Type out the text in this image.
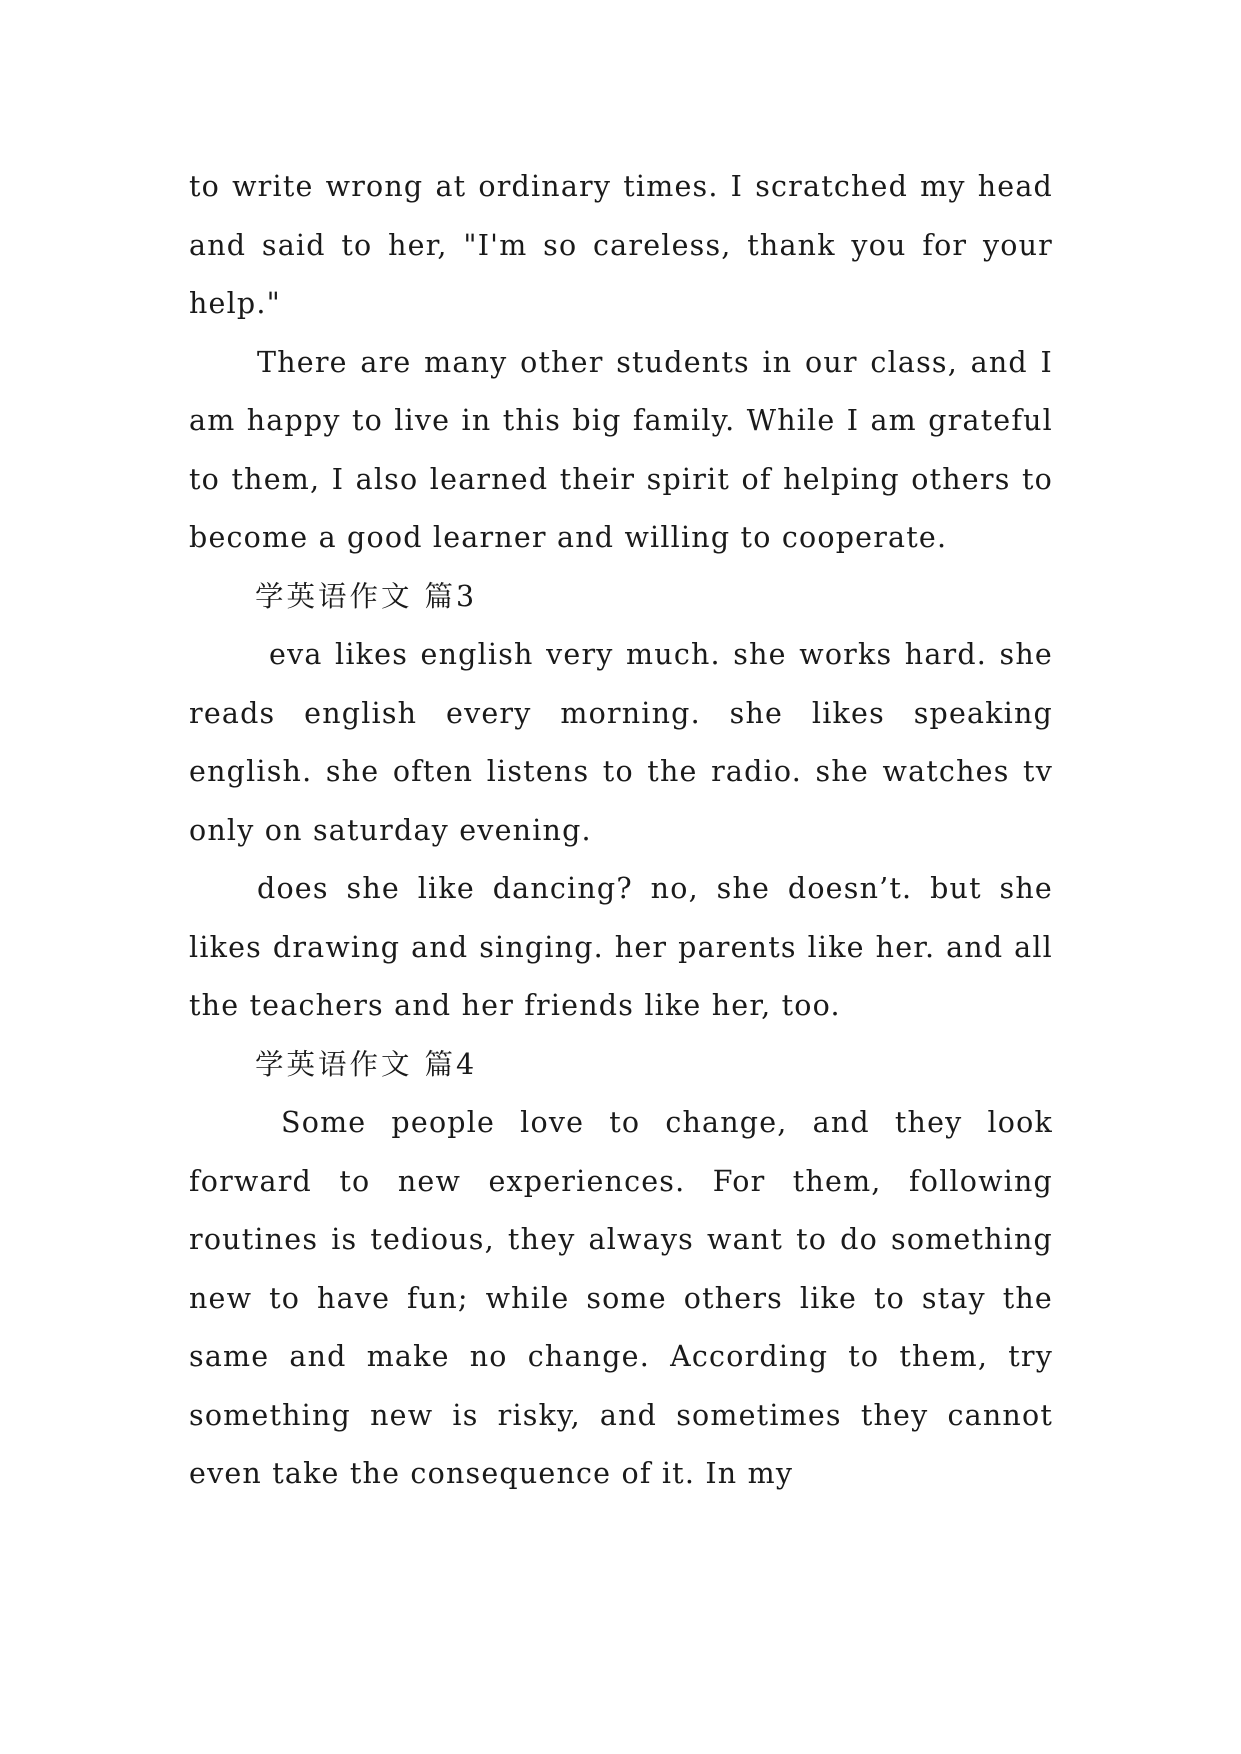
to write wrong at ordinary times. I scratched my head and said to her, "I'm so careless, thank you for your help."

There are many other students in our class, and I am happy to live in this big family. While I am grateful to them, I also learned their spirit of helping others to become a good learner and willing to cooperate.

学英语作文 篇3

eva likes english very much. she works hard. she reads english every morning. she likes speaking english. she often listens to the radio. she watches tv only on saturday evening.

does she like dancing? no, she doesn’t. but she likes drawing and singing. her parents like her. and all the teachers and her friends like her, too.

学英语作文 篇4

Some people love to change, and they look forward to new experiences. For them, following routines is tedious, they always want to do something new to have fun; while some others like to stay the same and make no change. According to them, try something new is risky, and sometimes they cannot even take the consequence of it. In my
